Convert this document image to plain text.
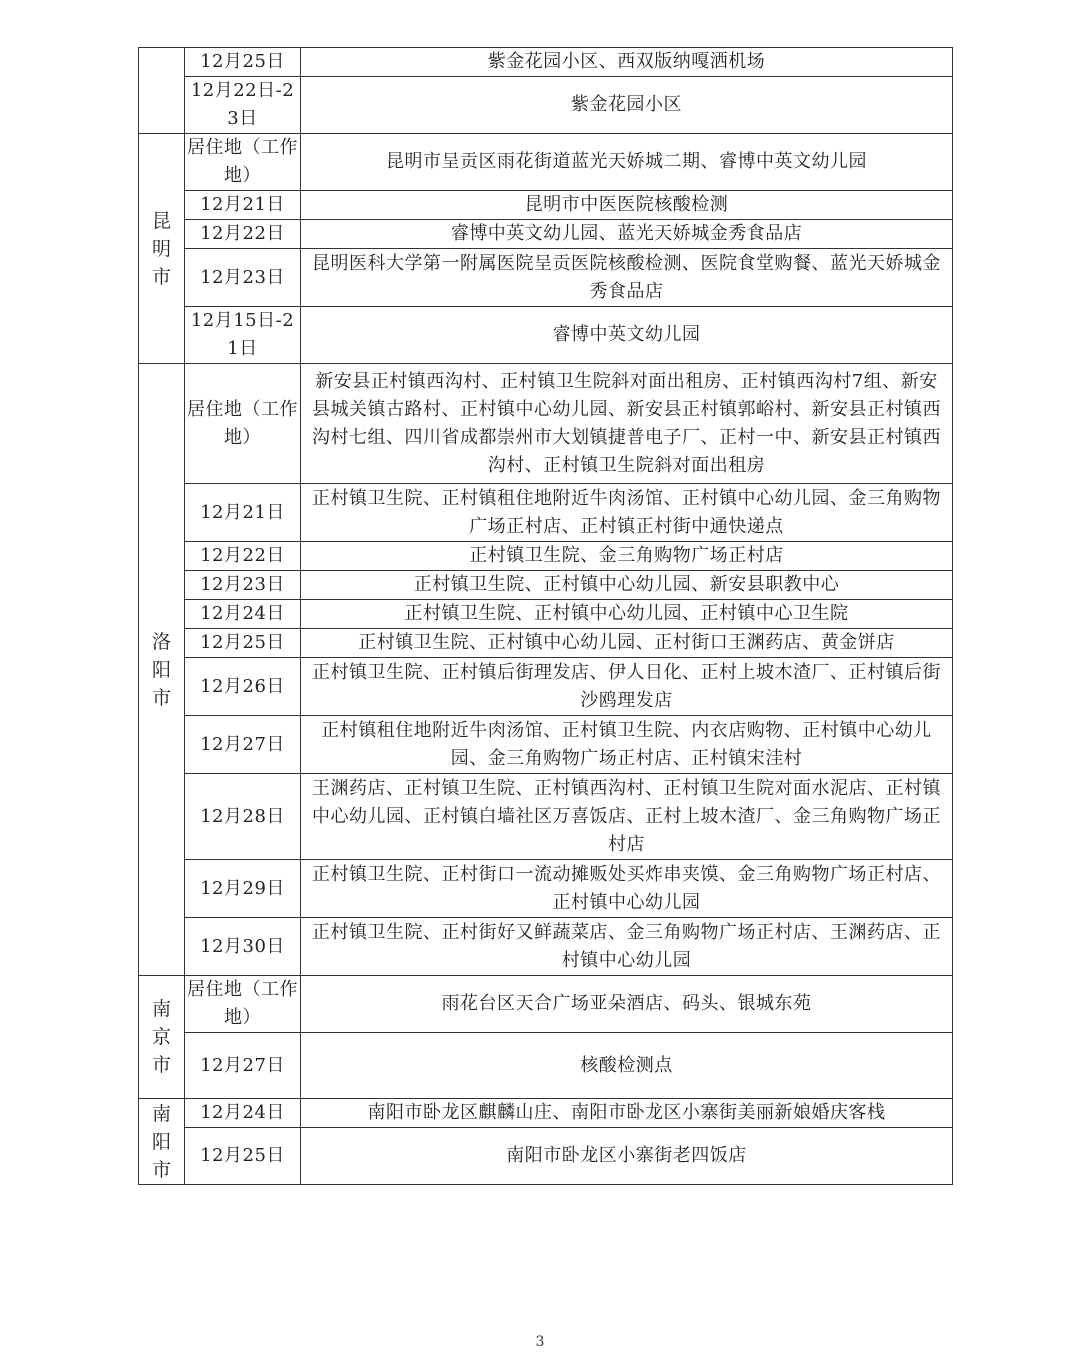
	12月25日	紫金花园小区、西双版纳嘎洒机场
	12月22日-23日	紫金花园小区

昆明市	居住地（工作地）	昆明市呈贡区雨花街道蓝光天娇城二期、睿博中英文幼儿园
	12月21日	昆明市中医医院核酸检测
	12月22日	睿博中英文幼儿园、蓝光天娇城金秀食品店
	12月23日	昆明医科大学第一附属医院呈贡医院核酸检测、医院食堂购餐、蓝光天娇城金秀食品店
	12月15日-21日	睿博中英文幼儿园

洛阳市	居住地（工作地）	新安县正村镇西沟村、正村镇卫生院斜对面出租房、正村镇西沟村7组、新安县城关镇古路村、正村镇中心幼儿园、新安县正村镇郭峪村、新安县正村镇西沟村七组、四川省成都崇州市大划镇捷普电子厂、正村一中、新安县正村镇西沟村、正村镇卫生院斜对面出租房
	12月21日	正村镇卫生院、正村镇租住地附近牛肉汤馆、正村镇中心幼儿园、金三角购物广场正村店、正村镇正村街中通快递点
	12月22日	正村镇卫生院、金三角购物广场正村店
	12月23日	正村镇卫生院、正村镇中心幼儿园、新安县职教中心
	12月24日	正村镇卫生院、正村镇中心幼儿园、正村镇中心卫生院
	12月25日	正村镇卫生院、正村镇中心幼儿园、正村街口王渊药店、黄金饼店
	12月26日	正村镇卫生院、正村镇后街理发店、伊人日化、正村上坡木渣厂、正村镇后街沙鸥理发店
	12月27日	正村镇租住地附近牛肉汤馆、正村镇卫生院、内衣店购物、正村镇中心幼儿园、金三角购物广场正村店、正村镇宋洼村
	12月28日	王渊药店、正村镇卫生院、正村镇西沟村、正村镇卫生院对面水泥店、正村镇中心幼儿园、正村镇白墙社区万喜饭店、正村上坡木渣厂、金三角购物广场正村店
	12月29日	正村镇卫生院、正村街口一流动摊贩处买炸串夹馍、金三角购物广场正村店、正村镇中心幼儿园
	12月30日	正村镇卫生院、正村街好又鲜蔬菜店、金三角购物广场正村店、王渊药店、正村镇中心幼儿园

南京市	居住地（工作地）	雨花台区天合广场亚朵酒店、码头、银城东苑
	12月27日	核酸检测点

南阳市	12月24日	南阳市卧龙区麒麟山庄、南阳市卧龙区小寨街美丽新娘婚庆客栈
	12月25日	南阳市卧龙区小寨街老四饭店
3
